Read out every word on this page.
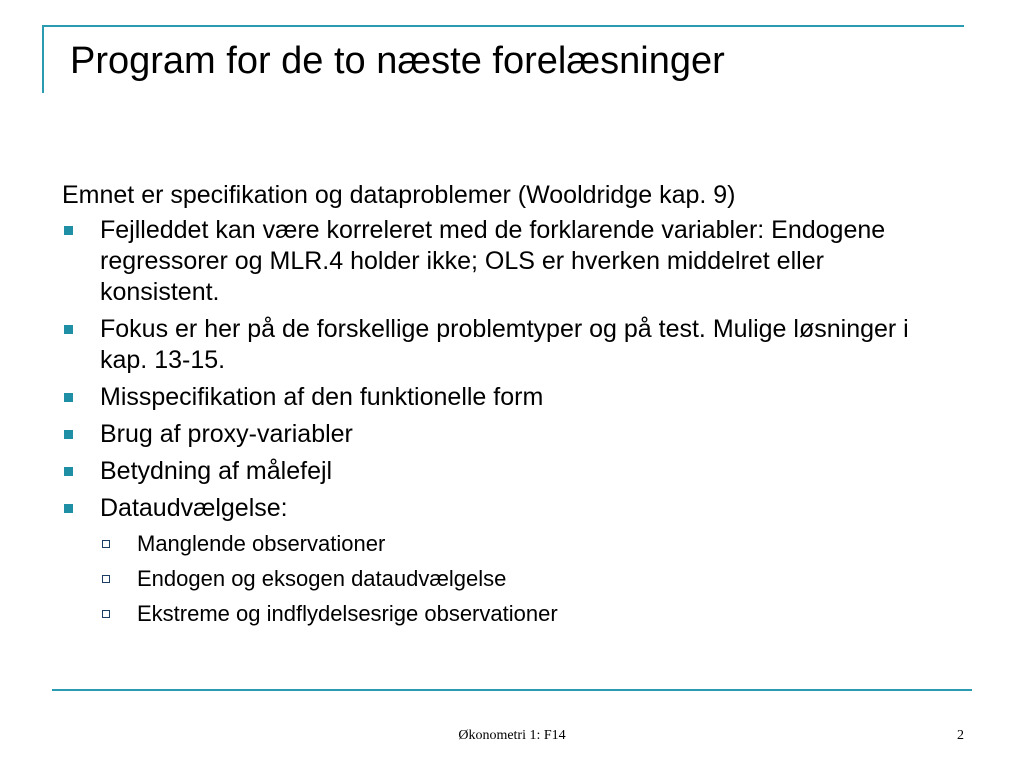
Program for de to næste forelæsninger
Emnet er specifikation og dataproblemer (Wooldridge kap. 9)
Fejlleddet kan være korreleret med de forklarende variabler: Endogene regressorer og MLR.4 holder ikke; OLS er hverken middelret eller konsistent.
Fokus er her på de forskellige problemtyper og på test. Mulige løsninger i kap. 13-15.
Misspecifikation af den funktionelle form
Brug af proxy-variabler
Betydning af målefejl
Dataudvælgelse:
Manglende observationer
Endogen og eksogen dataudvælgelse
Ekstreme og indflydelsesrige observationer
Økonometri 1: F14	2
